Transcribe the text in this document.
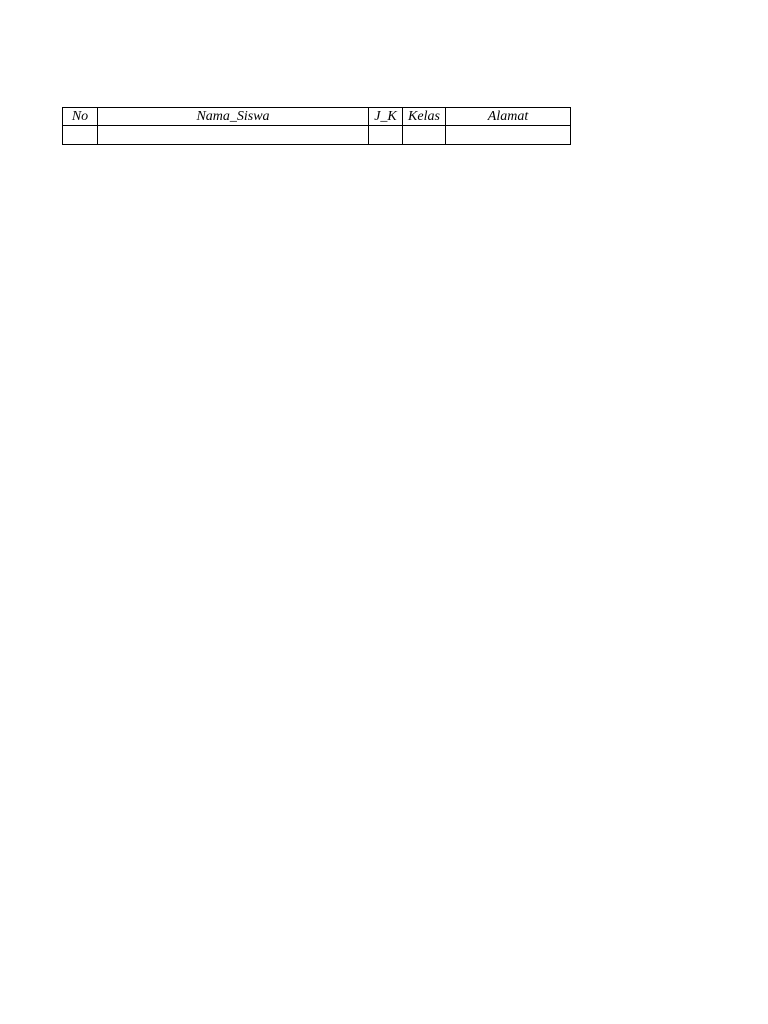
No	Nama_Siswa	J_K	Kelas	Alamat
